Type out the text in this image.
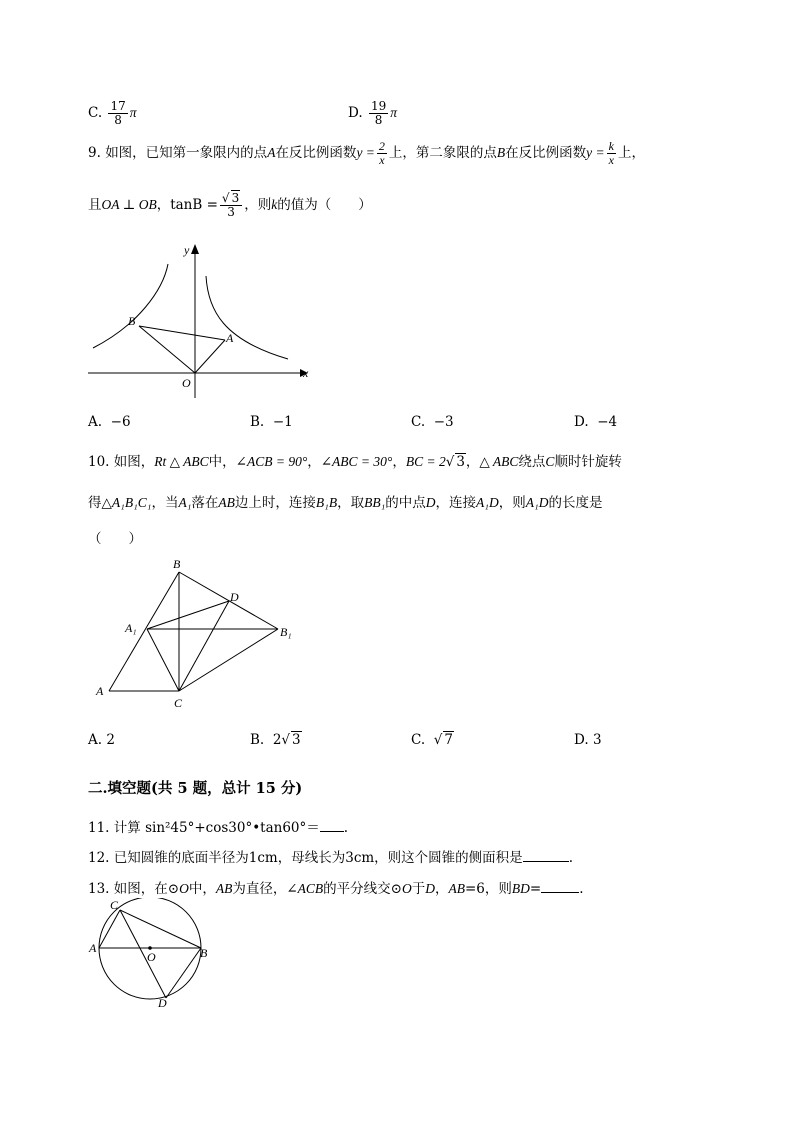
C. $\frac{17}{8}$ π	D. $\frac{19}{8}$ π
9. 如图，已知第一象限内的点A在反比例函数$y = \frac{2}{x}$ 上，第二象限的点B在反比例函数$y = \frac{k}{x}$ 上，
且OA ⊥ OB，$\tan B = \frac{√ 3}{3}$ ，则k的值为（　　）
y
x
B
A
O
A. −6	B. −1	C. −3	D. −4
10. 如图，Rt △ ABC中，∠ACB = 90°，∠ABC = 30°，BC = 2√ 3，△ ABC绕点C顺时针旋转
得△A₁B₁C₁，当A₁落在AB边上时，连接B₁B，取BB₁的中点D，连接A₁D，则A₁D的长度是
（　　）
B
D
A₁	B₁
A
C
A. 2	B. 2√ 3	C. √ 7	D. 3
二.填空题(共 5 题，总计 15 分)
11. 计算 sin²45°+cos30°•tan60°＝ .
12. 已知圆锥的底面半径为1cm，母线长为3cm，则这个圆锥的侧面积是	.
13. 如图，在⊙O中，AB为直径，∠ACB的平分线交⊙O于D，AB=6，则BD=	.
C
A
O	B
D
